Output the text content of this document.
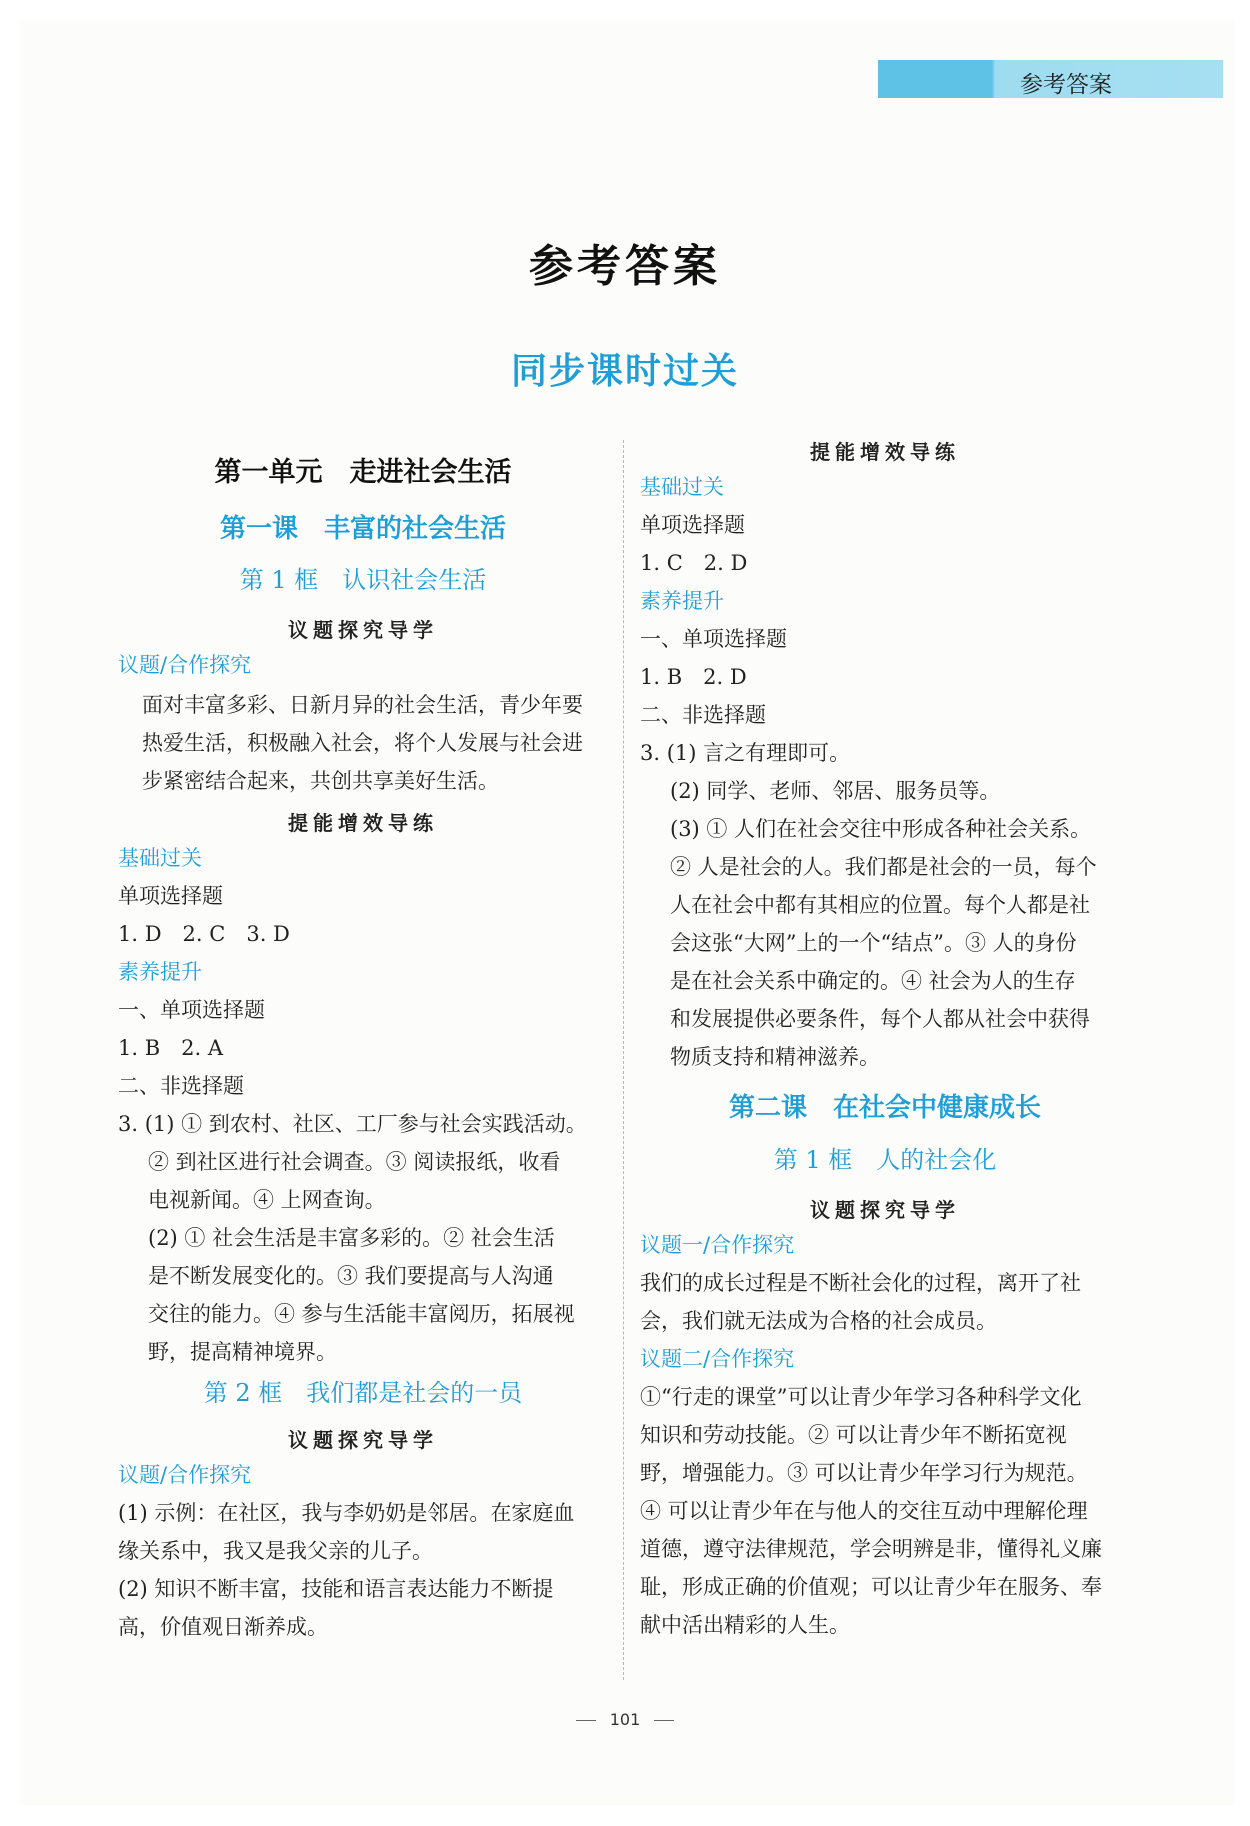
参考答案
参考答案
同步课时过关
第一单元　走进社会生活
第一课　丰富的社会生活
第 1 框　认识社会生活
议题探究导学
议题/合作探究
面对丰富多彩、日新月异的社会生活，青少年要
热爱生活，积极融入社会，将个人发展与社会进
步紧密结合起来，共创共享美好生活。
提能增效导练
基础过关
单项选择题
1. D　2. C　3. D
素养提升
一、单项选择题
1. B　2. A
二、非选择题
3. (1) ① 到农村、社区、工厂参与社会实践活动。
② 到社区进行社会调查。③ 阅读报纸，收看
电视新闻。④ 上网查询。
(2) ① 社会生活是丰富多彩的。② 社会生活
是不断发展变化的。③ 我们要提高与人沟通
交往的能力。④ 参与生活能丰富阅历，拓展视
野，提高精神境界。
第 2 框　我们都是社会的一员
议题探究导学
议题/合作探究
(1) 示例：在社区，我与李奶奶是邻居。在家庭血
缘关系中，我又是我父亲的儿子。
(2) 知识不断丰富，技能和语言表达能力不断提
高，价值观日渐养成。
提能增效导练
基础过关
单项选择题
1. C　2. D
素养提升
一、单项选择题
1. B　2. D
二、非选择题
3. (1) 言之有理即可。
(2) 同学、老师、邻居、服务员等。
(3) ① 人们在社会交往中形成各种社会关系。
② 人是社会的人。我们都是社会的一员，每个
人在社会中都有其相应的位置。每个人都是社
会这张“大网”上的一个“结点”。③ 人的身份
是在社会关系中确定的。④ 社会为人的生存
和发展提供必要条件，每个人都从社会中获得
物质支持和精神滋养。
第二课　在社会中健康成长
第 1 框　人的社会化
议题探究导学
议题一/合作探究
我们的成长过程是不断社会化的过程，离开了社
会，我们就无法成为合格的社会成员。
议题二/合作探究
①“行走的课堂”可以让青少年学习各种科学文化
知识和劳动技能。② 可以让青少年不断拓宽视
野，增强能力。③ 可以让青少年学习行为规范。
④ 可以让青少年在与他人的交往互动中理解伦理
道德，遵守法律规范，学会明辨是非，懂得礼义廉
耻，形成正确的价值观；可以让青少年在服务、奉
献中活出精彩的人生。
101
